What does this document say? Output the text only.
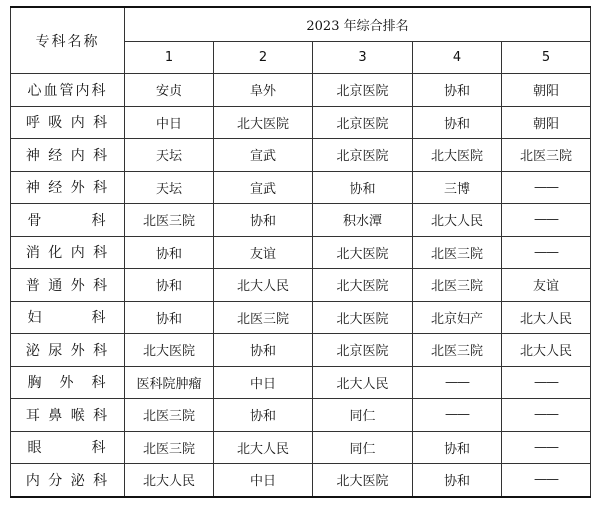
专科名称	2023 年综合排名				
	1	2	3	4	5
心血管内科	安贞	阜外	北京医院	协和	朝阳
呼 吸 内 科	中日	北大医院	北京医院	协和	朝阳
神 经 内 科	天坛	宣武	北京医院	北大医院	北医三院
神 经 外 科	天坛	宣武	协和	三博	——
骨　　　科	北医三院	协和	积水潭	北大人民	——
消 化 内 科	协和	友谊	北大医院	北医三院	——
普 通 外 科	协和	北大人民	北大医院	北医三院	友谊
妇　　　科	协和	北医三院	北大医院	北京妇产	北大人民
泌 尿 外 科	北大医院	协和	北京医院	北医三院	北大人民
胸　外　科	医科院肿瘤	中日	北大人民	——	——
耳 鼻 喉 科	北医三院	协和	同仁	——	——
眼　　　科	北医三院	北大人民	同仁	协和	——
内 分 泌 科	北大人民	中日	北大医院	协和	——
